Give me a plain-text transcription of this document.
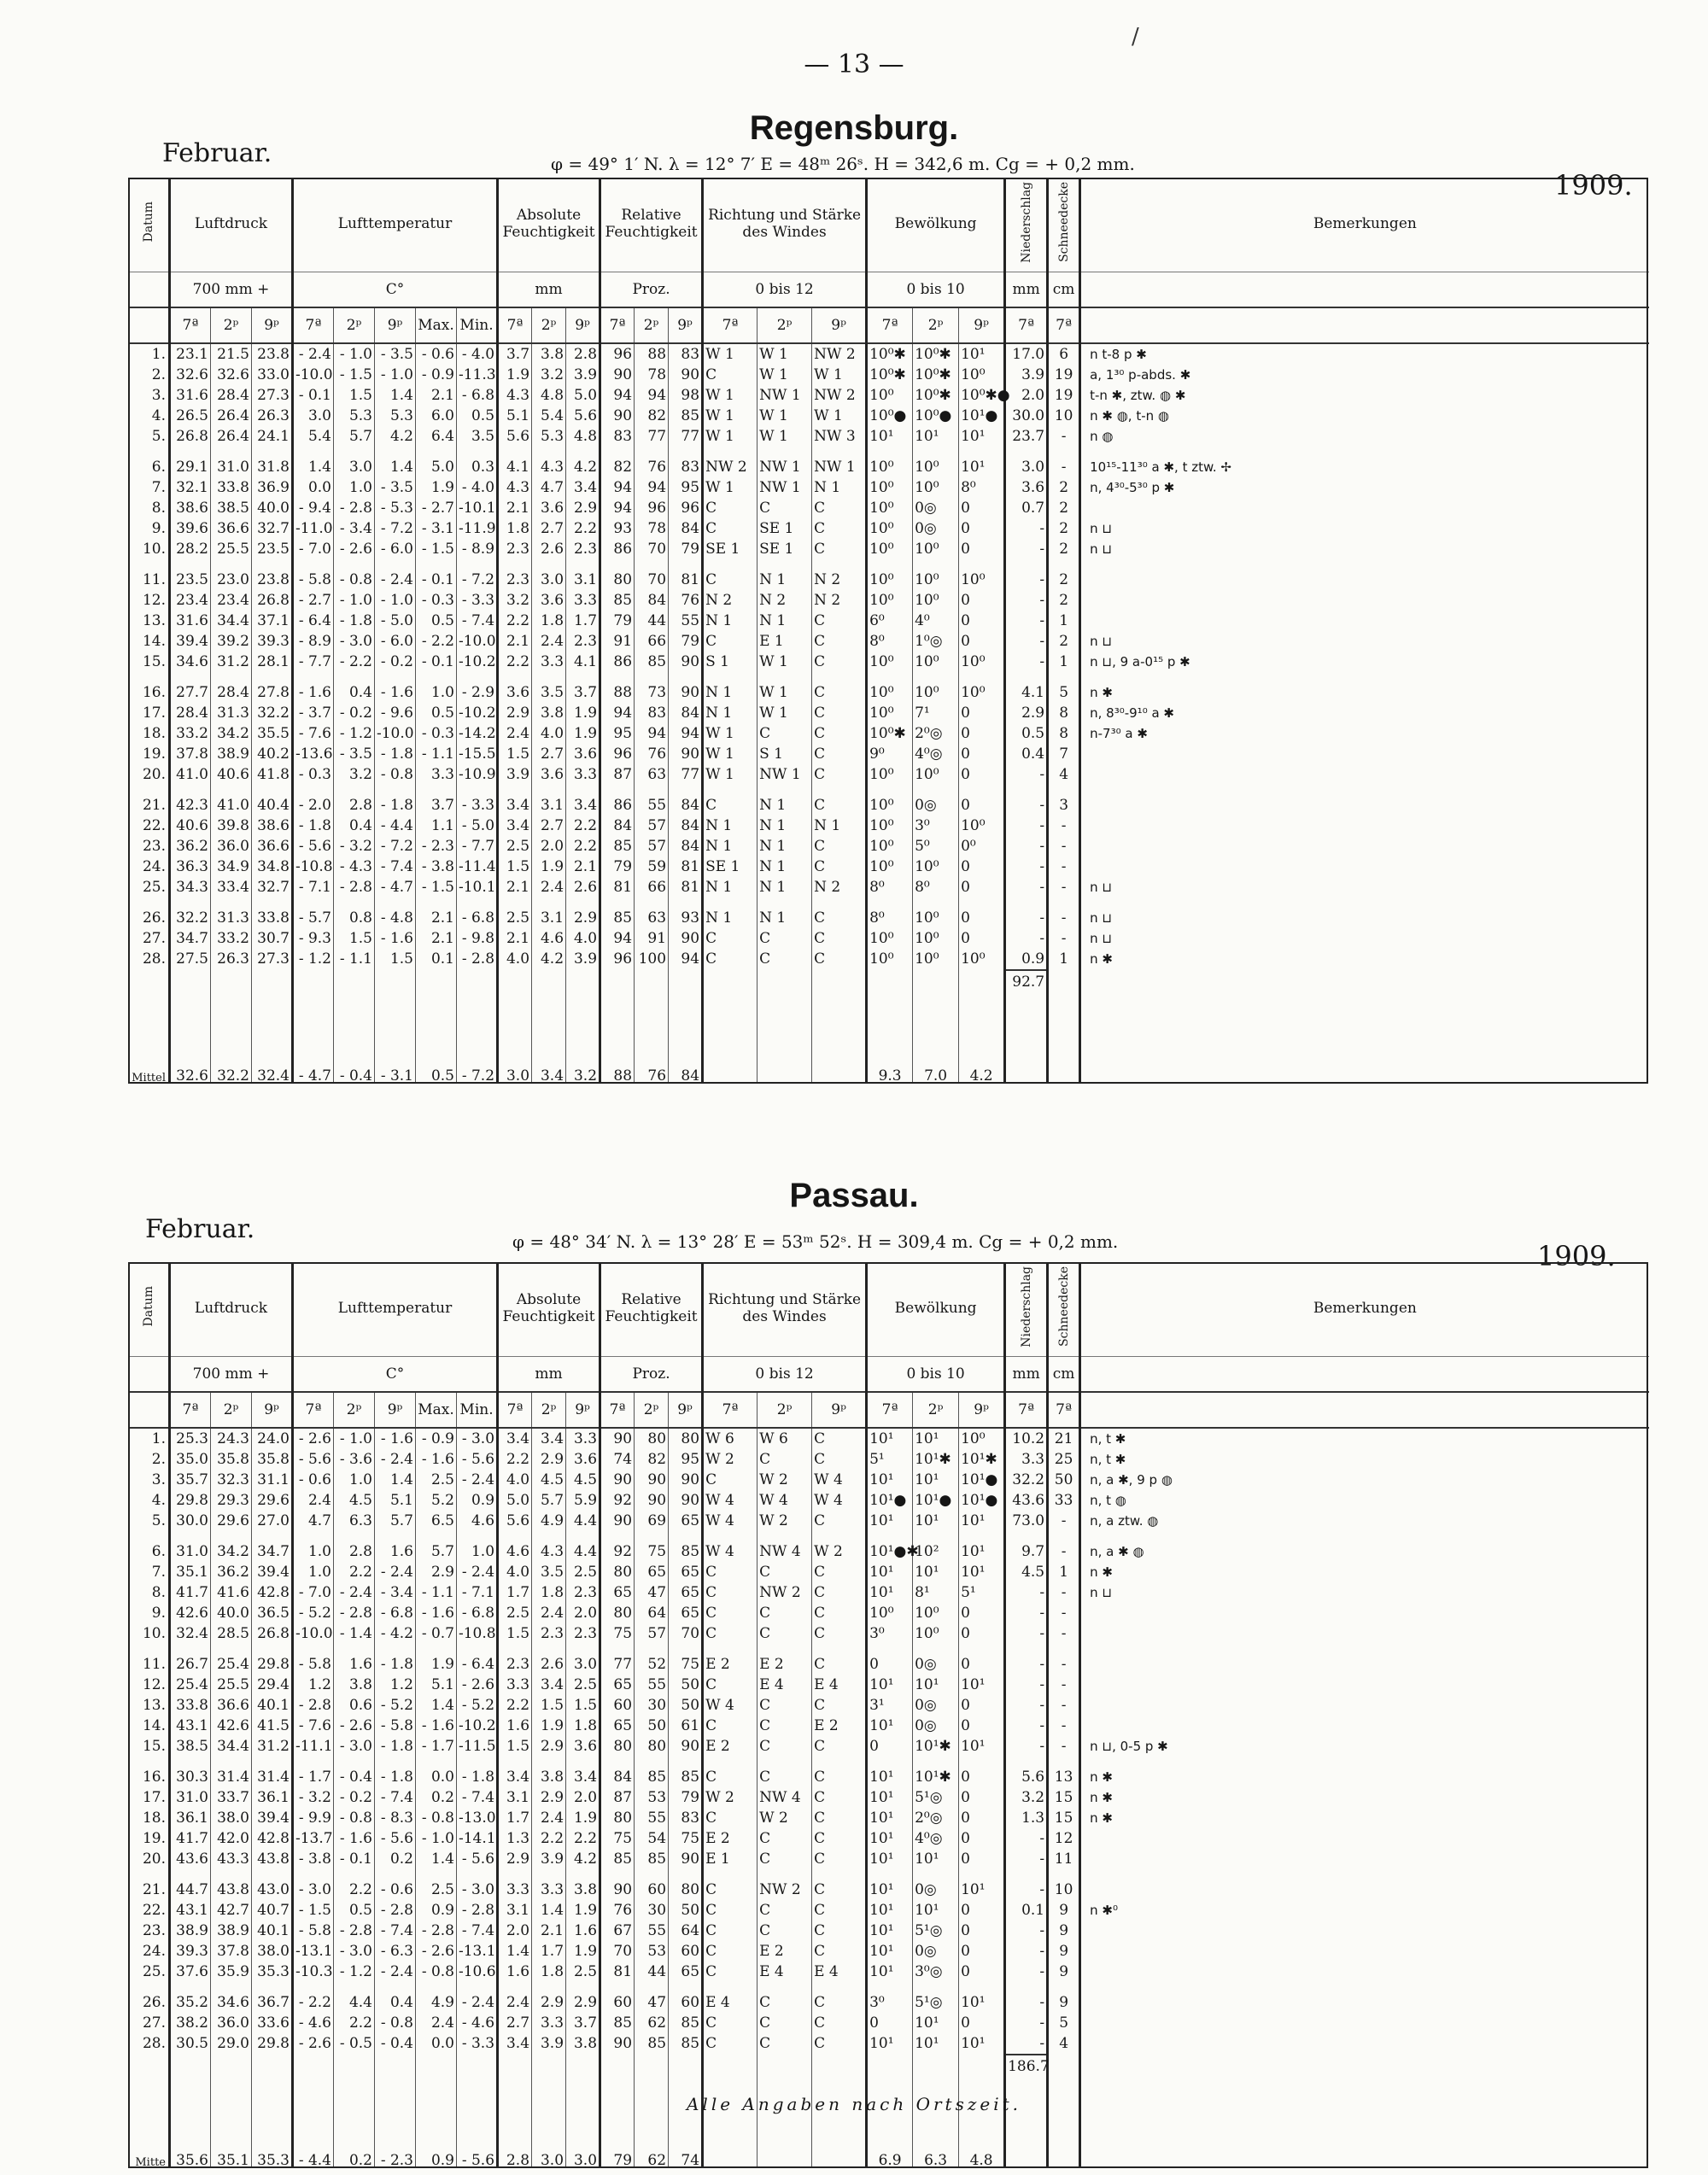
— 13 —
/
Regensburg.
Februar.	φ = 49° 1′ N. λ = 12° 7′ E = 48ᵐ 26ˢ. H = 342,6 m. Cg = + 0,2 mm.
1909.
Datum	Luftdruck			Lufttemperatur					Absolute Feuchtigkeit			Relative Feuchtigkeit			Richtung und Stärke des Windes			Bewölkung			Niederschlag	Schneedecke	Bemerkungen

	700 mm +			C°					mm			Proz.			0 bis 12			0 bis 10			mm	cm	
	7ª	2ᵖ	9ᵖ	7ª	2ᵖ	9ᵖ	Max.	Min.	7ª	2ᵖ	9ᵖ	7ª	2ᵖ	9ᵖ	7ª	2ᵖ	9ᵖ	7ª	2ᵖ	9ᵖ	7ª	7ª	
1.	23.1	21.5	23.8	- 2.4	- 1.0	- 3.5	- 0.6	- 4.0	3.7	3.8	2.8	96	88	83	W 1	W 1	NW 2	10⁰✱	10⁰✱	10¹	17.0	6	n t-8 p ✱
2.	32.6	32.6	33.0	-10.0	- 1.5	- 1.0	- 0.9	-11.3	1.9	3.2	3.9	90	78	90	C	W 1	W 1	10⁰✱	10⁰✱	10⁰	3.9	19	a, 1³⁰ p-abds. ✱
3.	31.6	28.4	27.3	- 0.1	1.5	1.4	2.1	- 6.8	4.3	4.8	5.0	94	94	98	W 1	NW 1	NW 2	10⁰	10⁰✱	10⁰✱●	2.0	19	t-n ✱, ztw. ◍ ✱
4.	26.5	26.4	26.3	3.0	5.3	5.3	6.0	0.5	5.1	5.4	5.6	90	82	85	W 1	W 1	W 1	10⁰●	10⁰●	10¹●	30.0	10	n ✱ ◍, t-n ◍
5.	26.8	26.4	24.1	5.4	5.7	4.2	6.4	3.5	5.6	5.3	4.8	83	77	77	W 1	W 1	NW 3	10¹	10¹	10¹	23.7	-	n ◍

6.	29.1	31.0	31.8	1.4	3.0	1.4	5.0	0.3	4.1	4.3	4.2	82	76	83	NW 2	NW 1	NW 1	10⁰	10⁰	10¹	3.0	-	10¹⁵-11³⁰ a ✱, t ztw. ✢
7.	32.1	33.8	36.9	0.0	1.0	- 3.5	1.9	- 4.0	4.3	4.7	3.4	94	94	95	W 1	NW 1	N 1	10⁰	10⁰	8⁰	3.6	2	n, 4³⁰-5³⁰ p ✱
8.	38.6	38.5	40.0	- 9.4	- 2.8	- 5.3	- 2.7	-10.1	2.1	3.6	2.9	94	96	96	C	C	C	10⁰	0◎	0	0.7	2	
9.	39.6	36.6	32.7	-11.0	- 3.4	- 7.2	- 3.1	-11.9	1.8	2.7	2.2	93	78	84	C	SE 1	C	10⁰	0◎	0	-	2	n ⊔
10.	28.2	25.5	23.5	- 7.0	- 2.6	- 6.0	- 1.5	- 8.9	2.3	2.6	2.3	86	70	79	SE 1	SE 1	C	10⁰	10⁰	0	-	2	n ⊔

11.	23.5	23.0	23.8	- 5.8	- 0.8	- 2.4	- 0.1	- 7.2	2.3	3.0	3.1	80	70	81	C	N 1	N 2	10⁰	10⁰	10⁰	-	2	
12.	23.4	23.4	26.8	- 2.7	- 1.0	- 1.0	- 0.3	- 3.3	3.2	3.6	3.3	85	84	76	N 2	N 2	N 2	10⁰	10⁰	0	-	2	
13.	31.6	34.4	37.1	- 6.4	- 1.8	- 5.0	0.5	- 7.4	2.2	1.8	1.7	79	44	55	N 1	N 1	C	6⁰	4⁰	0	-	1	
14.	39.4	39.2	39.3	- 8.9	- 3.0	- 6.0	- 2.2	-10.0	2.1	2.4	2.3	91	66	79	C	E 1	C	8⁰	1⁰◎	0	-	2	n ⊔
15.	34.6	31.2	28.1	- 7.7	- 2.2	- 0.2	- 0.1	-10.2	2.2	3.3	4.1	86	85	90	S 1	W 1	C	10⁰	10⁰	10⁰	-	1	n ⊔, 9 a-0¹⁵ p ✱

16.	27.7	28.4	27.8	- 1.6	0.4	- 1.6	1.0	- 2.9	3.6	3.5	3.7	88	73	90	N 1	W 1	C	10⁰	10⁰	10⁰	4.1	5	n ✱
17.	28.4	31.3	32.2	- 3.7	- 0.2	- 9.6	0.5	-10.2	2.9	3.8	1.9	94	83	84	N 1	W 1	C	10⁰	7¹	0	2.9	8	n, 8³⁰-9¹⁰ a ✱
18.	33.2	34.2	35.5	- 7.6	- 1.2	-10.0	- 0.3	-14.2	2.4	4.0	1.9	95	94	94	W 1	C	C	10⁰✱	2⁰◎	0	0.5	8	n-7³⁰ a ✱
19.	37.8	38.9	40.2	-13.6	- 3.5	- 1.8	- 1.1	-15.5	1.5	2.7	3.6	96	76	90	W 1	S 1	C	9⁰	4⁰◎	0	0.4	7	
20.	41.0	40.6	41.8	- 0.3	3.2	- 0.8	3.3	-10.9	3.9	3.6	3.3	87	63	77	W 1	NW 1	C	10⁰	10⁰	0	-	4	

21.	42.3	41.0	40.4	- 2.0	2.8	- 1.8	3.7	- 3.3	3.4	3.1	3.4	86	55	84	C	N 1	C	10⁰	0◎	0	-	3	
22.	40.6	39.8	38.6	- 1.8	0.4	- 4.4	1.1	- 5.0	3.4	2.7	2.2	84	57	84	N 1	N 1	N 1	10⁰	3⁰	10⁰	-	-	
23.	36.2	36.0	36.6	- 5.6	- 3.2	- 7.2	- 2.3	- 7.7	2.5	2.0	2.2	85	57	84	N 1	N 1	C	10⁰	5⁰	0⁰	-	-	
24.	36.3	34.9	34.8	-10.8	- 4.3	- 7.4	- 3.8	-11.4	1.5	1.9	2.1	79	59	81	SE 1	N 1	C	10⁰	10⁰	0	-	-	
25.	34.3	33.4	32.7	- 7.1	- 2.8	- 4.7	- 1.5	-10.1	2.1	2.4	2.6	81	66	81	N 1	N 1	N 2	8⁰	8⁰	0	-	-	n ⊔

26.	32.2	31.3	33.8	- 5.7	0.8	- 4.8	2.1	- 6.8	2.5	3.1	2.9	85	63	93	N 1	N 1	C	8⁰	10⁰	0	-	-	n ⊔
27.	34.7	33.2	30.7	- 9.3	1.5	- 1.6	2.1	- 9.8	2.1	4.6	4.0	94	91	90	C	C	C	10⁰	10⁰	0	-	-	n ⊔
28.	27.5	26.3	27.3	- 1.2	- 1.1	1.5	0.1	- 2.8	4.0	4.2	3.9	96	100	94	C	C	C	10⁰	10⁰	10⁰	0.9	1	n ✱
																					92.7		

Mittel	32.6	32.2	32.4	- 4.7	- 0.4	- 3.1	0.5	- 7.2	3.0	3.4	3.2	88	76	84				9.3	7.0	4.2			
Passau.
Februar.	φ = 48° 34′ N. λ = 13° 28′ E = 53ᵐ 52ˢ. H = 309,4 m. Cg = + 0,2 mm.	1909.
Datum	Luftdruck			Lufttemperatur					Absolute Feuchtigkeit			Relative Feuchtigkeit			Richtung und Stärke des Windes			Bewölkung			Niederschlag	Schneedecke	Bemerkungen

	700 mm +			C°					mm			Proz.			0 bis 12			0 bis 10			mm	cm	
	7ª	2ᵖ	9ᵖ	7ª	2ᵖ	9ᵖ	Max.	Min.	7ª	2ᵖ	9ᵖ	7ª	2ᵖ	9ᵖ	7ª	2ᵖ	9ᵖ	7ª	2ᵖ	9ᵖ	7ª	7ª	
1.	25.3	24.3	24.0	- 2.6	- 1.0	- 1.6	- 0.9	- 3.0	3.4	3.4	3.3	90	80	80	W 6	W 6	C	10¹	10¹	10⁰	10.2	21	n, t ✱
2.	35.0	35.8	35.8	- 5.6	- 3.6	- 2.4	- 1.6	- 5.6	2.2	2.9	3.6	74	82	95	W 2	C	C	5¹	10¹✱	10¹✱	3.3	25	n, t ✱
3.	35.7	32.3	31.1	- 0.6	1.0	1.4	2.5	- 2.4	4.0	4.5	4.5	90	90	90	C	W 2	W 4	10¹	10¹	10¹●	32.2	50	n, a ✱, 9 p ◍
4.	29.8	29.3	29.6	2.4	4.5	5.1	5.2	0.9	5.0	5.7	5.9	92	90	90	W 4	W 4	W 4	10¹●	10¹●	10¹●	43.6	33	n, t ◍
5.	30.0	29.6	27.0	4.7	6.3	5.7	6.5	4.6	5.6	4.9	4.4	90	69	65	W 4	W 2	C	10¹	10¹	10¹	73.0	-	n, a ztw. ◍

6.	31.0	34.2	34.7	1.0	2.8	1.6	5.7	1.0	4.6	4.3	4.4	92	75	85	W 4	NW 4	W 2	10¹●✱	10²	10¹	9.7	-	n, a ✱ ◍
7.	35.1	36.2	39.4	1.0	2.2	- 2.4	2.9	- 2.4	4.0	3.5	2.5	80	65	65	C	C	C	10¹	10¹	10¹	4.5	1	n ✱
8.	41.7	41.6	42.8	- 7.0	- 2.4	- 3.4	- 1.1	- 7.1	1.7	1.8	2.3	65	47	65	C	NW 2	C	10¹	8¹	5¹	-	-	n ⊔
9.	42.6	40.0	36.5	- 5.2	- 2.8	- 6.8	- 1.6	- 6.8	2.5	2.4	2.0	80	64	65	C	C	C	10⁰	10⁰	0	-	-	
10.	32.4	28.5	26.8	-10.0	- 1.4	- 4.2	- 0.7	-10.8	1.5	2.3	2.3	75	57	70	C	C	C	3⁰	10⁰	0	-	-	

11.	26.7	25.4	29.8	- 5.8	1.6	- 1.8	1.9	- 6.4	2.3	2.6	3.0	77	52	75	E 2	E 2	C	0	0◎	0	-	-	
12.	25.4	25.5	29.4	1.2	3.8	1.2	5.1	- 2.6	3.3	3.4	2.5	65	55	50	C	E 4	E 4	10¹	10¹	10¹	-	-	
13.	33.8	36.6	40.1	- 2.8	0.6	- 5.2	1.4	- 5.2	2.2	1.5	1.5	60	30	50	W 4	C	C	3¹	0◎	0	-	-	
14.	43.1	42.6	41.5	- 7.6	- 2.6	- 5.8	- 1.6	-10.2	1.6	1.9	1.8	65	50	61	C	C	E 2	10¹	0◎	0	-	-	
15.	38.5	34.4	31.2	-11.1	- 3.0	- 1.8	- 1.7	-11.5	1.5	2.9	3.6	80	80	90	E 2	C	C	0	10¹✱	10¹	-	-	n ⊔, 0-5 p ✱

16.	30.3	31.4	31.4	- 1.7	- 0.4	- 1.8	0.0	- 1.8	3.4	3.8	3.4	84	85	85	C	C	C	10¹	10¹✱	0	5.6	13	n ✱
17.	31.0	33.7	36.1	- 3.2	- 0.2	- 7.4	0.2	- 7.4	3.1	2.9	2.0	87	53	79	W 2	NW 4	C	10¹	5¹◎	0	3.2	15	n ✱
18.	36.1	38.0	39.4	- 9.9	- 0.8	- 8.3	- 0.8	-13.0	1.7	2.4	1.9	80	55	83	C	W 2	C	10¹	2⁰◎	0	1.3	15	n ✱
19.	41.7	42.0	42.8	-13.7	- 1.6	- 5.6	- 1.0	-14.1	1.3	2.2	2.2	75	54	75	E 2	C	C	10¹	4⁰◎	0	-	12	
20.	43.6	43.3	43.8	- 3.8	- 0.1	0.2	1.4	- 5.6	2.9	3.9	4.2	85	85	90	E 1	C	C	10¹	10¹	0	-	11	

21.	44.7	43.8	43.0	- 3.0	2.2	- 0.6	2.5	- 3.0	3.3	3.3	3.8	90	60	80	C	NW 2	C	10¹	0◎	10¹	-	10	
22.	43.1	42.7	40.7	- 1.5	0.5	- 2.8	0.9	- 2.8	3.1	1.4	1.9	76	30	50	C	C	C	10¹	10¹	0	0.1	9	n ✱⁰
23.	38.9	38.9	40.1	- 5.8	- 2.8	- 7.4	- 2.8	- 7.4	2.0	2.1	1.6	67	55	64	C	C	C	10¹	5¹◎	0	-	9	
24.	39.3	37.8	38.0	-13.1	- 3.0	- 6.3	- 2.6	-13.1	1.4	1.7	1.9	70	53	60	C	E 2	C	10¹	0◎	0	-	9	
25.	37.6	35.9	35.3	-10.3	- 1.2	- 2.4	- 0.8	-10.6	1.6	1.8	2.5	81	44	65	C	E 4	E 4	10¹	3⁰◎	0	-	9	

26.	35.2	34.6	36.7	- 2.2	4.4	0.4	4.9	- 2.4	2.4	2.9	2.9	60	47	60	E 4	C	C	3⁰	5¹◎	10¹	-	9	
27.	38.2	36.0	33.6	- 4.6	2.2	- 0.8	2.4	- 4.6	2.7	3.3	3.7	85	62	85	C	C	C	0	10¹	0	-	5	
28.	30.5	29.0	29.8	- 2.6	- 0.5	- 0.4	0.0	- 3.3	3.4	3.9	3.8	90	85	85	C	C	C	10¹	10¹	10¹	-	4	
																					186.7		

Mitte	35.6	35.1	35.3	- 4.4	0.2	- 2.3	0.9	- 5.6	2.8	3.0	3.0	79	62	74				6.9	6.3	4.8			
Alle Angaben nach Ortszeit.
